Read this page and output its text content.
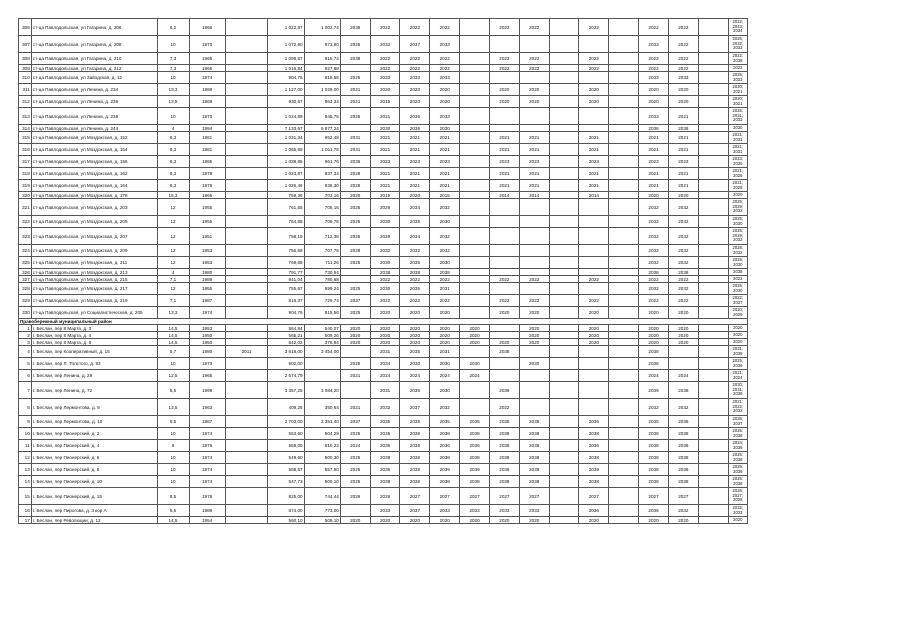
306	ст-ца Павлодольская, ул Гагарина, д. 206	6,2	1966		1 022,87	1 002,74	2035	2022	2022	2022		2022	2022		2022		2022	2022		2022; 2043; 2034
307	ст-ца Павлодольская, ул Гагарина, д. 208	10	1970		1 072,90	973,80	2025	2032	2037	2033							2033	2022		2025; 2032; 2033
308	ст-ца Павлодольская, ул Гагарина, д. 210	7,3	1966		1 099,67	915,74	2038	2022	2022	2022		2022	2022		2022		2022	2022		2022; 2038
309	ст-ца Павлодольская, ул Гагарина, д. 212	7,3	1966		1 015,84	927,88		2022	2022	2022		2022	2022		2022		2022	2022		2022
310	ст-ца Павлодольская, ул Заводская, д. 12	10	1974		904,76	815,56	2025	2033	2033	2033							2033	2033		2025; 2033
311	ст-ца Павлодольская, ул Ленина, д. 234	13,3	1989		1 127,00	1 029,00	2021	2020	2020	2020		2020	2020		2020		2020	2020		2020; 2021
312	ст-ца Павлодольская, ул Ленина, д. 236	13,5	1969		930,67	863,34	2021	2015	2020	2020		2020	2020		2020		2020	2020		2020; 2021
313	ст-ца Павлодольская, ул Ленина, д. 238	10	1970		1 024,89	945,76	2025	2021	2036	2033							2033	2021		2025; 2031; 2033
314	ст-ца Павлодольская, ул Ленина, д. 244	4	1994		7 133,67	6 877,24		2030	2036	2030							2036	2038		2030
315	ст-ца Павлодольская, ул Моздокская, д. 152	9,3	1981		1 031,34	952,48	2031	2021	2021	2021		2021	2021		2021		2021	2021		2021; 2031
316	ст-ца Павлодольская, ул Моздокская, д. 154	9,3	1981		1 065,89	1 011,78	2031	2021	2021	2021		2021	2021		2021		2021	2021		2021; 2031
317	ст-ца Павлодольская, ул Моздокская, д. 156	9,3	1985		1 038,85	961,76	2035	2023	2023	2023		2023	2023		2023		2023	2023		2023; 2035
318	ст-ца Павлодольская, ул Моздокская, д. 162	9,3	1978		1 023,87	937,34	2028	2021	2021	2021		2021	2021		2021		2021	2021		2021; 2028
319	ст-ца Павлодольская, ул Моздокская, д. 164	9,3	1978		1 026,46	936,30	2028	2021	2021	2021		2021	2021		2021		2021	2021		2021; 2028
320	ст-ца Павлодольская, ул Моздокская, д. 178	15,3	1965		759,36	703,16	2020	2015	2020	2015		2014	2014		2014		2020	2020		2020
321	ст-ца Павлодольская, ул Моздокская, д. 203	12	1955		761,56	705,16	2025	2029	2034	2032							2032	2032		2025; 2029; 2032
322	ст-ца Павлодольская, ул Моздокская, д. 205	12	1955		764,88	709,76	2025	2030	2035	2030							2032	2032		2025; 2030
323	ст-ца Павлодольская, ул Моздокская, д. 207	12	1951		758,19	712,38	2025	2029	2034	2032							2032	2032		2025; 2029; 2032
324	ст-ца Павлодольская, ул Моздокская, д. 209	12	1953		755,68	707,76	2028	2032	2032	2032							2032	2032		2028; 2032
325	ст-ца Павлодольская, ул Моздокская, д. 211	12	1953		769,68	711,26	2025	2030	2035	2030							2032	2032		2025; 2030
326	ст-ца Павлодольская, ул Моздокская, д. 213	4	1980		791,77	730,54		2038	2038	2038							2038	2038		2038
327	ст-ца Павлодольская, ул Моздокская, д. 215	7,1	1989		841,04	780,68		2022	2022	2022		2022	2022		2022		2022	2022		2022
328	ст-ца Павлодольская, ул Моздокская, д. 217	12	1955		755,67	699,24	2025	2030	2035	2031							2032	2032		2025; 2030
329	ст-ца Павлодольская, ул Моздокская, д. 219	7,1	1987		816,37	729,74	2037	2022	2022	2022		2022	2022		2022		2022	2022		2022; 2037
330	ст-ца Павлодольская, ул Социалистическая, д. 205	13,3	1974		904,76	815,56	2025	2020	2020	2020		2020	2020		2020		2020	2020		2020; 2025
Правобережный муниципальный район																				
1	г. Беслан, пер 8 Марта, д. 3	14,5	1953		564,84	540,07	2020	2020	2020	2020	2020		2020		2020		2020	2020		2020
2	г. Беслан, пер 8 Марта, д. 4	14,5	1950		565,21	509,26	2020	2020	2020	2020	2020		2020		2020		2020	2020		2020
3	г. Беслан, пер 8 Марта, д. 6	14,5	1950		542,02	376,84	2020	2020	2020	2020	2020	2020	2020		2020		2020	2020		2020
4	г. Беслан, пер Кооперативный, д. 15	5,7	1980	2011	3 618,00	3 454,00		2031	2035	2031		2038					2038			2031; 2038
5	г. Беслан, пер Л. Толстого, д. 93	10	1973		502,00		2025	2034	2030	2030	2030		2030				2036			2025; 2036
6	г. Беслан, пер Ленина, д. 29	12,5	1965		2 574,79		2021	2024	2024	2024	2024						2024	2024		2021; 2024
7	г. Беслан, пер Ленина, д. 72	5,5	1999		3 357,25	3 084,20		2031	2036	2030		2039					2039	2038		2030; 2031; 2038
8	г. Беслан, пер Лермонтова, д. 8	13,5	1963		409,26	350,64	2021	2032	2037	2032		2022					2032	2032		2021; 2022; 2032
9	г. Беслан, пер Лермонтова, д. 10	6,5	1987		2 703,00	2 351,40	2037	2035	2035	2035	2035	2035	2035		2035		2035	2035		2035; 2037
10	г. Беслан, пер Пионерский, д. 2	10	1974		553,60	504,29	2025	2035	2039	2038	2038	2038	2038		2038		2038	2038		2025; 2038
11	г. Беслан, пер Пионерский, д. 4	6	1976		559,05	510,23	2024	2036	2036	2036	2036	2036	2036		2036		2036	2036		2024; 2036
12	г. Беслан, пер Пионерский, д. 6	10	1974		549,60	500,30	2025	2038	2038	2038	2038	2038	2038		2038		2038	2038		2025; 2038
13	г. Беслан, пер Пионерский, д. 8	10	1974		598,57	557,90	2025	2036	2039	2039	2039	2039	2039		2039		2036	2036		2025; 2036
14	г. Беслан, пер Пионерский, д. 10	10	1974		547,73	500,10	2025	2038	2038	2038	2038	2038	2038		2038		2038	2038		2025; 2038
15	г. Беслан, пер Пионерский, д. 15	8,5	1976		825,00	744,44	2026	2026	2027	2027	2027	2027	2027		2027		2027	2027		2026; 2027; 2028
16	г. Беслан, пер Пирогова, д. 3 кор А	5,5	1989		874,00	773,00		2033	2037	2033	2033	2033	2033		2036		2036	2032		2032; 2033
17	г. Беслан, пер Революции, д. 12	14,5	1954		560,10	509,10	2020	2020	2020	2020	2020	2020	2020		2020		2020	2020		2020
